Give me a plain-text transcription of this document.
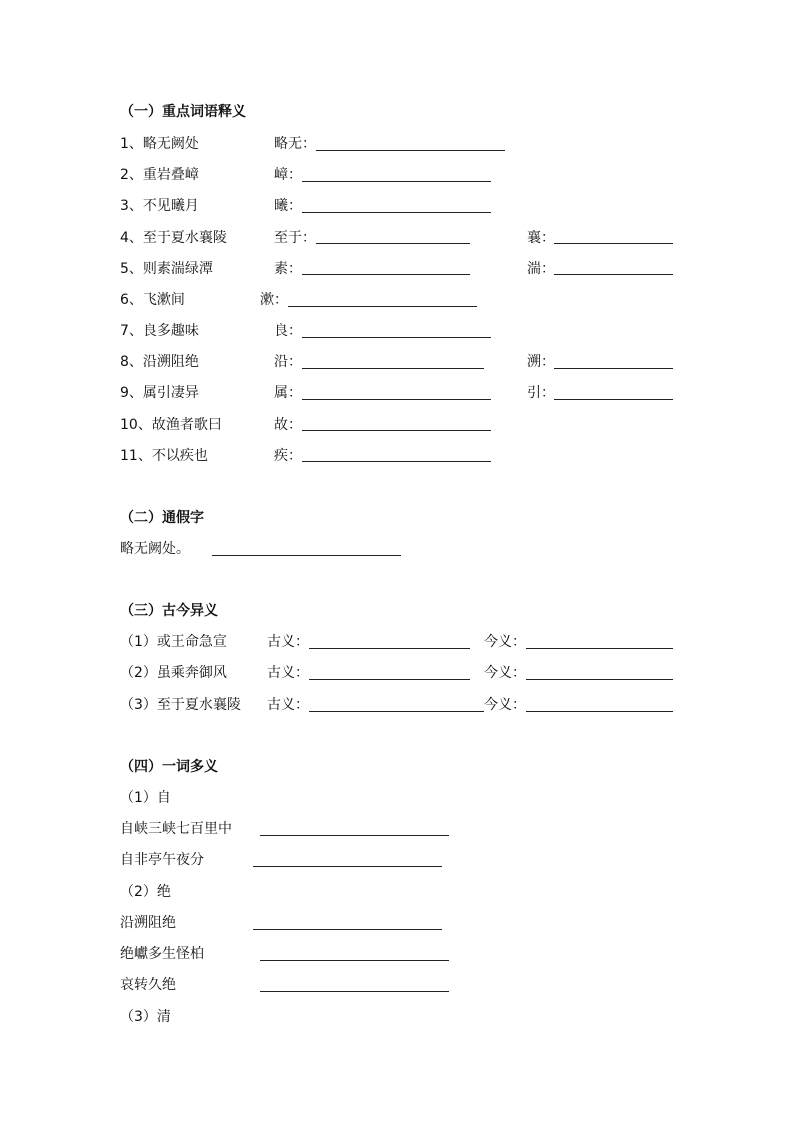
（一）重点词语释义
1、略无阙处	略无：
2、重岩叠嶂	嶂：
3、不见曦月	曦：
4、至于夏水襄陵	至于：	襄：
5、则素湍绿潭	素：	湍：
6、飞漱间	漱：
7、良多趣味	良：
8、沿溯阻绝	沿：	溯：
9、属引凄异	属：	引：
10、故渔者歌曰	故：
11、不以疾也	疾：
（二）通假字
略无阙处。
（三）古今异义
（1）或王命急宣	古义：	今义：
（2）虽乘奔御风	古义：	今义：
（3）至于夏水襄陵 古义：	今义：
（四）一词多义
（1）自
自峡三峡七百里中
自非亭午夜分
（2）绝
沿溯阻绝
绝巘多生怪柏
哀转久绝
（3）清
